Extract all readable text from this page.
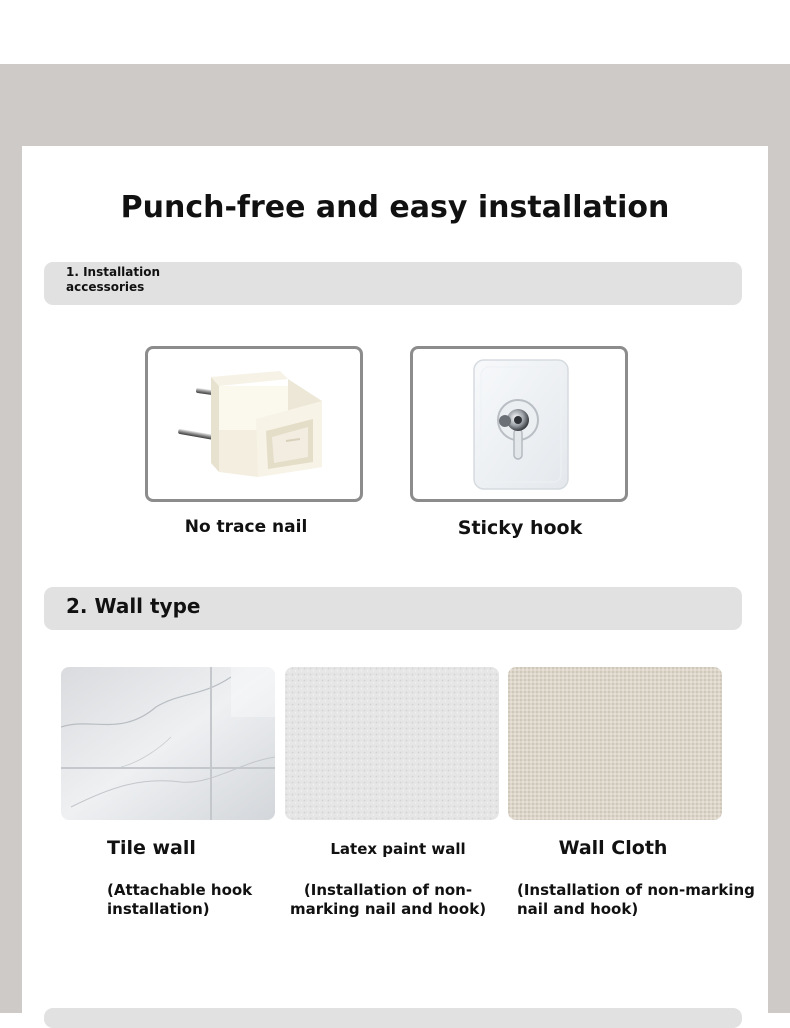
Punch-free and easy installation
1. Installation accessories
No trace nail	Sticky hook
2. Wall type
Tile wall	Latex paint wall	Wall Cloth
(Attachable hook installation)
(Installation of non-marking nail and hook)
(Installation of non-marking nail and hook)
